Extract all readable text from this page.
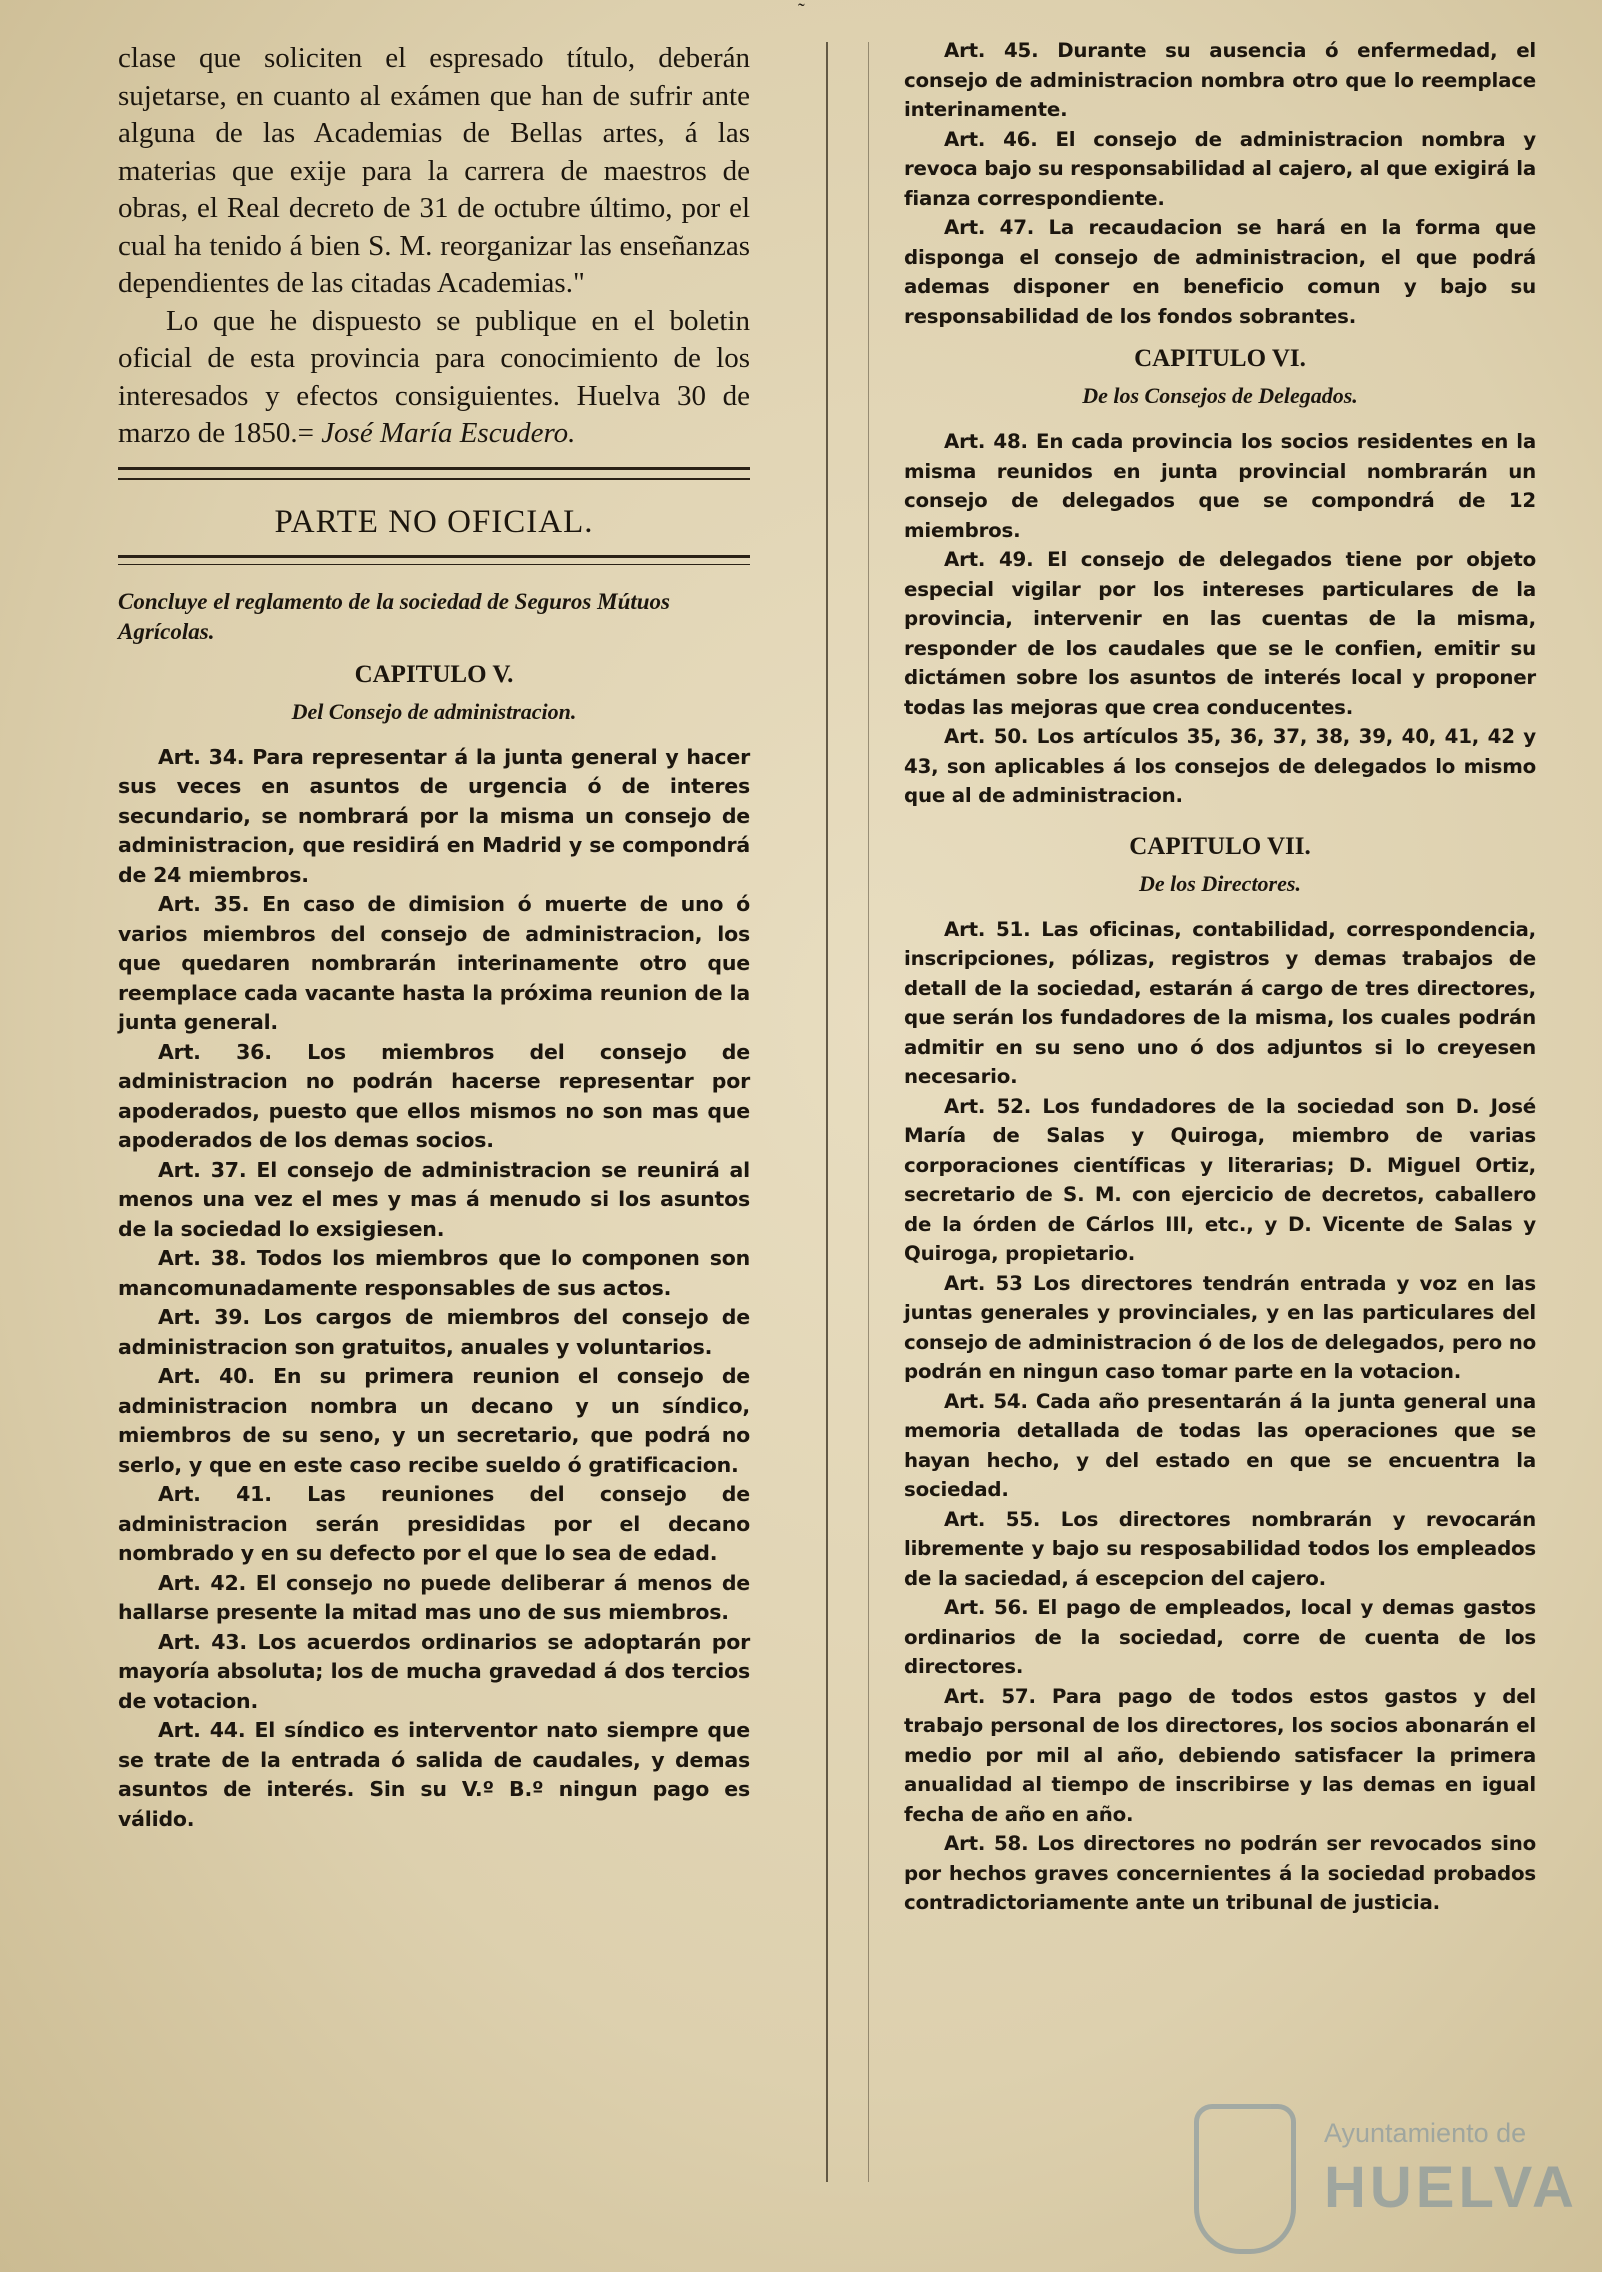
˜

clase que soliciten el espresado título, deberán sujetarse, en cuanto al exámen que han de sufrir ante alguna de las Academias de Bellas artes, á las materias que exije para la carrera de maestros de obras, el Real decreto de 31 de octubre último, por el cual ha tenido á bien S. M. reorganizar las enseñanzas dependientes de las citadas Academias."

Lo que he dispuesto se publique en el boletin oficial de esta provincia para conocimiento de los interesados y efectos consiguientes. Huelva 30 de marzo de 1850.= José María Escudero.

PARTE NO OFICIAL.
Concluye el reglamento de la sociedad de Seguros Mútuos Agrícolas.
CAPITULO V.
Del Consejo de administracion.

Art. 34. Para representar á la junta general y hacer sus veces en asuntos de urgencia ó de interes secundario, se nombrará por la misma un consejo de administracion, que residirá en Madrid y se compondrá de 24 miembros.

Art. 35. En caso de dimision ó muerte de uno ó varios miembros del consejo de administracion, los que quedaren nombrarán interinamente otro que reemplace cada vacante hasta la próxima reunion de la junta general.

Art. 36. Los miembros del consejo de administracion no podrán hacerse representar por apoderados, puesto que ellos mismos no son mas que apoderados de los demas socios.

Art. 37. El consejo de administracion se reunirá al menos una vez el mes y mas á menudo si los asuntos de la sociedad lo exsigiesen.

Art. 38. Todos los miembros que lo componen son mancomunadamente responsables de sus actos.

Art. 39. Los cargos de miembros del consejo de administracion son gratuitos, anuales y voluntarios.

Art. 40. En su primera reunion el consejo de administracion nombra un decano y un síndico, miembros de su seno, y un secretario, que podrá no serlo, y que en este caso recibe sueldo ó gratificacion.

Art. 41. Las reuniones del consejo de administracion serán presididas por el decano nombrado y en su defecto por el que lo sea de edad.

Art. 42. El consejo no puede deliberar á menos de hallarse presente la mitad mas uno de sus miembros.

Art. 43. Los acuerdos ordinarios se adoptarán por mayoría absoluta; los de mucha gravedad á dos tercios de votacion.

Art. 44. El síndico es interventor nato siempre que se trate de la entrada ó salida de caudales, y demas asuntos de interés. Sin su V.º B.º ningun pago es válido.

Art. 45. Durante su ausencia ó enfermedad, el consejo de administracion nombra otro que lo reemplace interinamente.

Art. 46. El consejo de administracion nombra y revoca bajo su responsabilidad al cajero, al que exigirá la fianza correspondiente.

Art. 47. La recaudacion se hará en la forma que disponga el consejo de administracion, el que podrá ademas disponer en beneficio comun y bajo su responsabilidad de los fondos sobrantes.

CAPITULO VI.
De los Consejos de Delegados.

Art. 48. En cada provincia los socios residentes en la misma reunidos en junta provincial nombrarán un consejo de delegados que se compondrá de 12 miembros.

Art. 49. El consejo de delegados tiene por objeto especial vigilar por los intereses particulares de la provincia, intervenir en las cuentas de la misma, responder de los caudales que se le confien, emitir su dictámen sobre los asuntos de interés local y proponer todas las mejoras que crea conducentes.

Art. 50. Los artículos 35, 36, 37, 38, 39, 40, 41, 42 y 43, son aplicables á los consejos de delegados lo mismo que al de administracion.

CAPITULO VII.
De los Directores.

Art. 51. Las oficinas, contabilidad, correspondencia, inscripciones, pólizas, registros y demas trabajos de detall de la sociedad, estarán á cargo de tres directores, que serán los fundadores de la misma, los cuales podrán admitir en su seno uno ó dos adjuntos si lo creyesen necesario.

Art. 52. Los fundadores de la sociedad son D. José María de Salas y Quiroga, miembro de varias corporaciones científicas y literarias; D. Miguel Ortiz, secretario de S. M. con ejercicio de decretos, caballero de la órden de Cárlos III, etc., y D. Vicente de Salas y Quiroga, propietario.

Art. 53 Los directores tendrán entrada y voz en las juntas generales y provinciales, y en las particulares del consejo de administracion ó de los de delegados, pero no podrán en ningun caso tomar parte en la votacion.

Art. 54. Cada año presentarán á la junta general una memoria detallada de todas las operaciones que se hayan hecho, y del estado en que se encuentra la sociedad.

Art. 55. Los directores nombrarán y revocarán libremente y bajo su resposabilidad todos los empleados de la saciedad, á escepcion del cajero.

Art. 56. El pago de empleados, local y demas gastos ordinarios de la sociedad, corre de cuenta de los directores.

Art. 57. Para pago de todos estos gastos y del trabajo personal de los directores, los socios abonarán el medio por mil al año, debiendo satisfacer la primera anualidad al tiempo de inscribirse y las demas en igual fecha de año en año.

Art. 58. Los directores no podrán ser revocados sino por hechos graves concernientes á la sociedad probados contradictoriamente ante un tribunal de justicia.

Ayuntamiento de
HUELVA
